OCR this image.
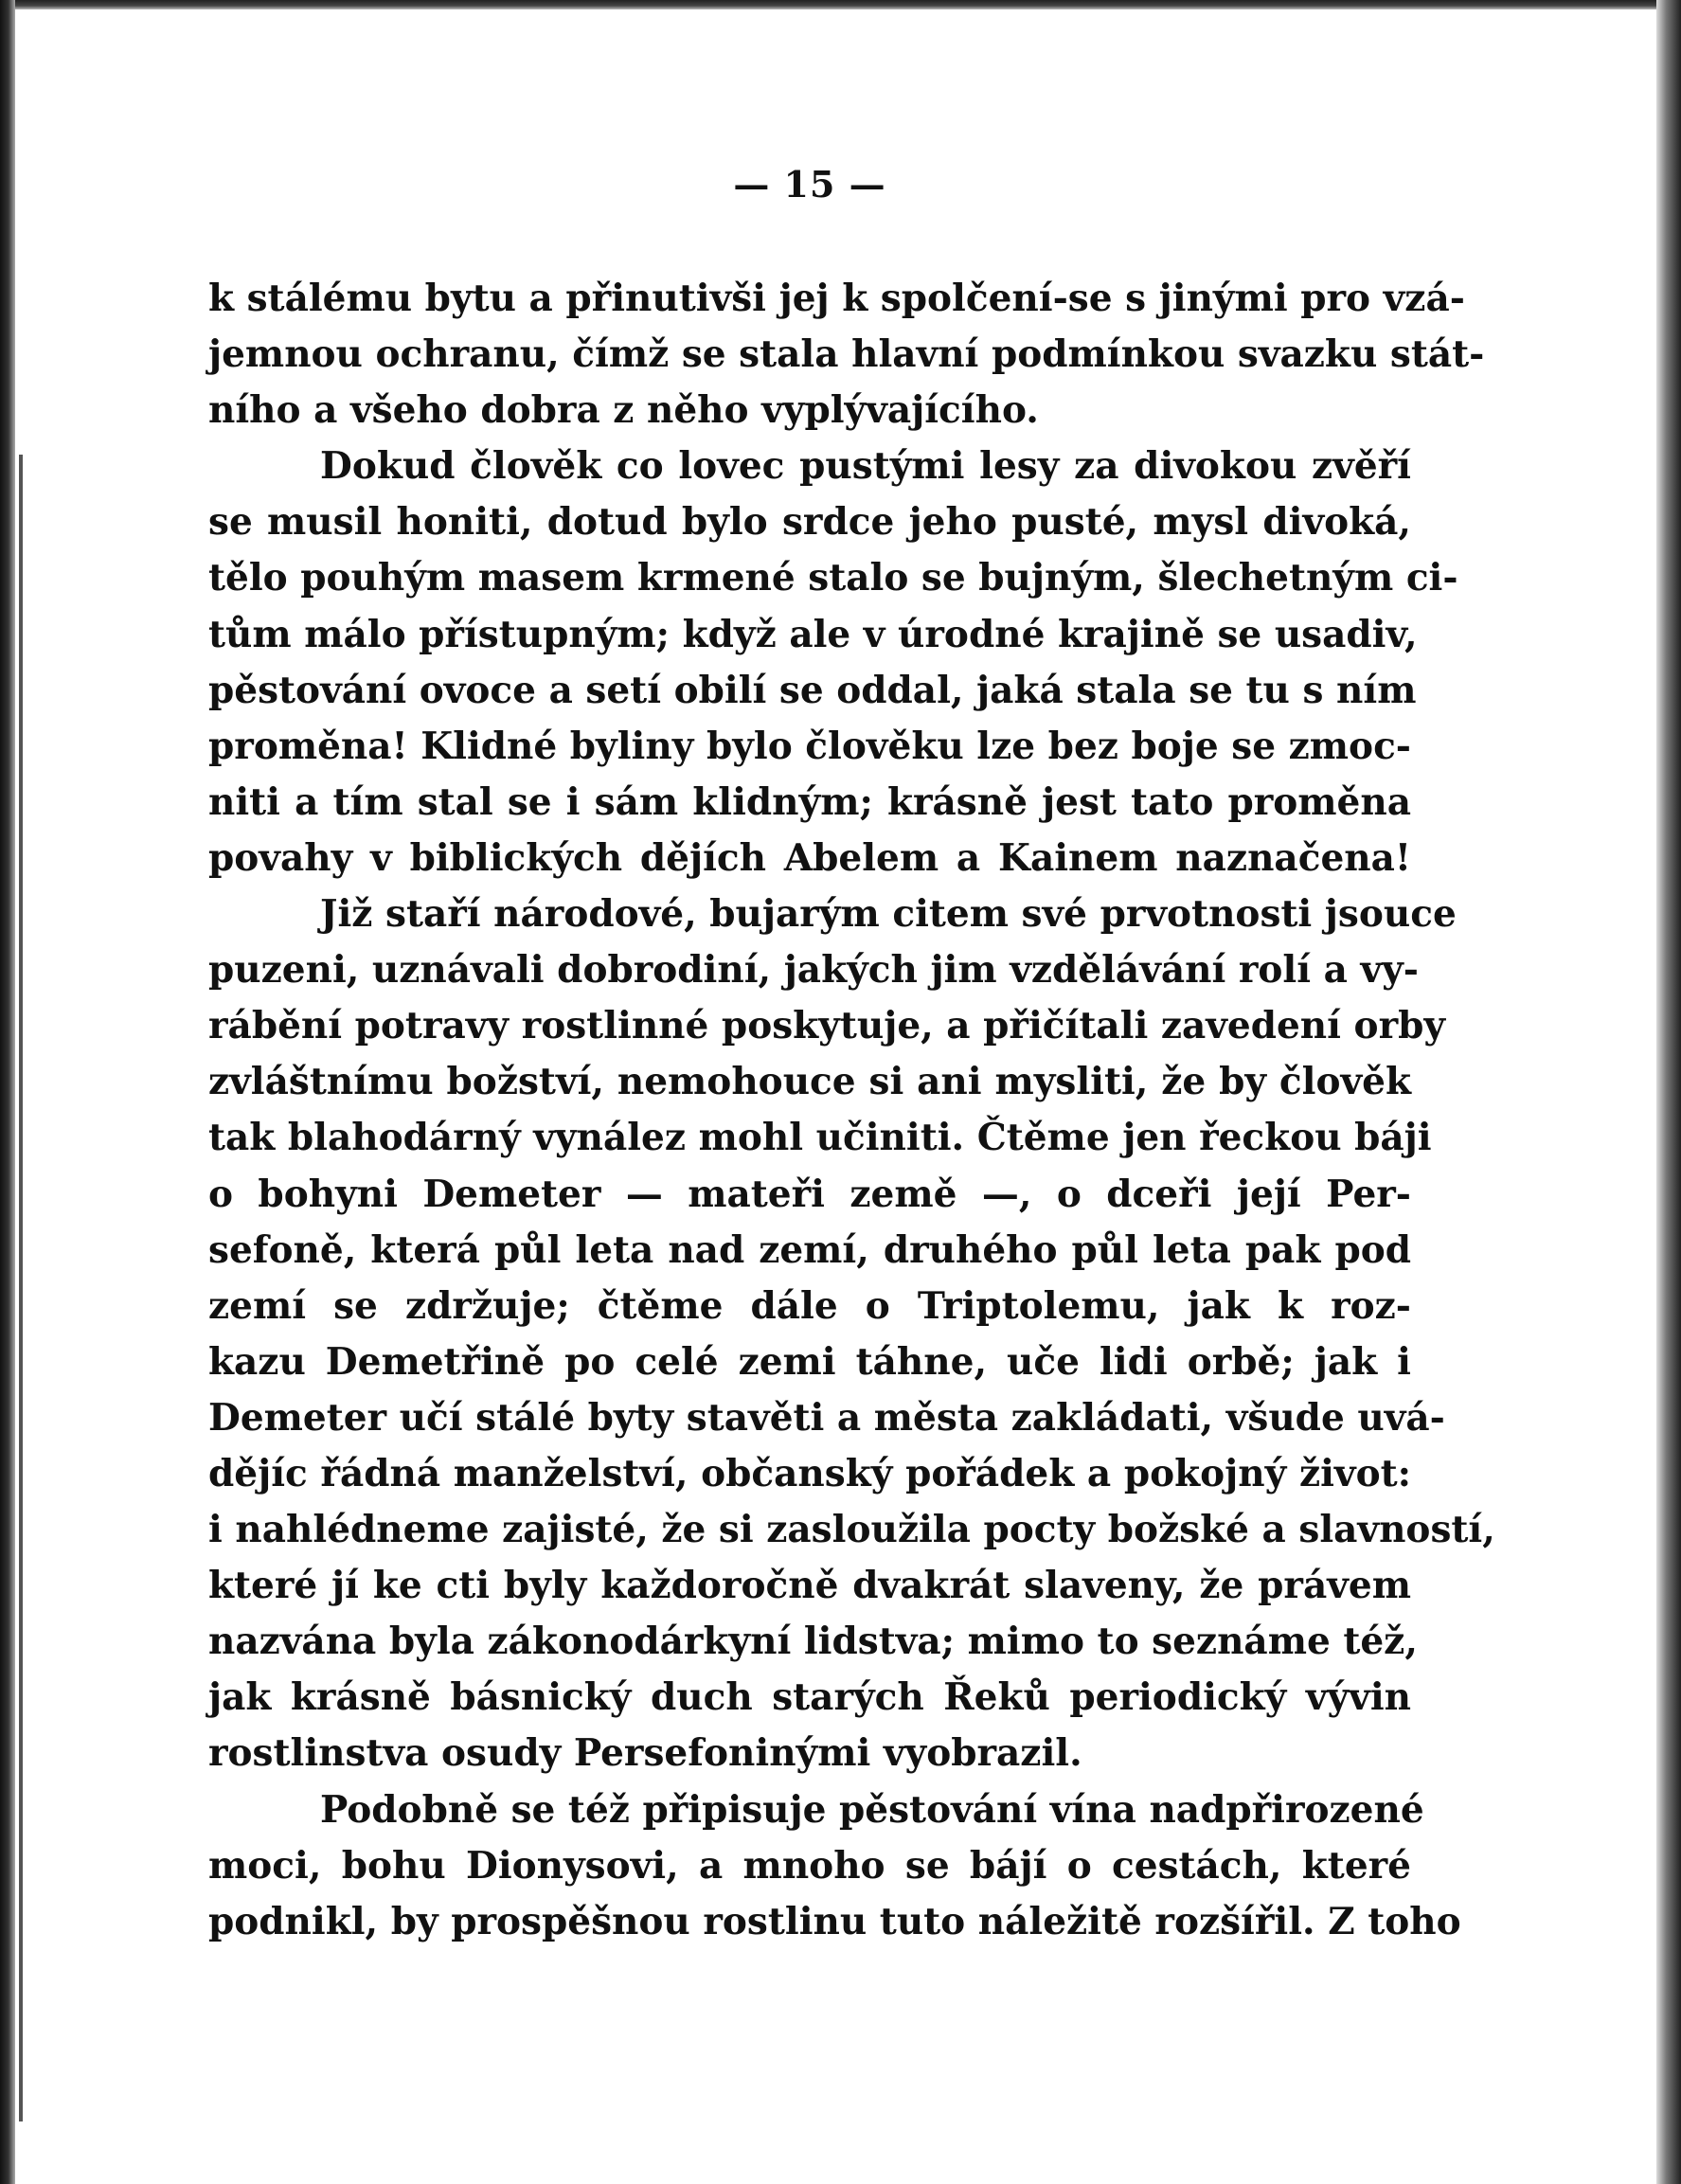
— 15 —
k stálému bytu a přinutivši jej k spolčení-se s jinými pro vzá-
jemnou ochranu, čímž se stala hlavní podmínkou svazku stát-
ního a všeho dobra z něho vyplývajícího.
Dokud člověk co lovec pustými lesy za divokou zvěří
se musil honiti, dotud bylo srdce jeho pusté, mysl divoká,
tělo pouhým masem krmené stalo se bujným, šlechetným ci-
tům málo přístupným; když ale v úrodné krajině se usadiv,
pěstování ovoce a setí obilí se oddal, jaká stala se tu s ním
proměna! Klidné byliny bylo člověku lze bez boje se zmoc-
niti a tím stal se i sám klidným; krásně jest tato proměna
povahy v biblických dějích Abelem a Kainem naznačena!
Již staří národové, bujarým citem své prvotnosti jsouce
puzeni, uznávali dobrodiní, jakých jim vzdělávání rolí a vy-
rábění potravy rostlinné poskytuje, a přičítali zavedení orby
zvláštnímu božství, nemohouce si ani mysliti, že by člověk
tak blahodárný vynález mohl učiniti. Čtěme jen řeckou báji
o bohyni Demeter — mateři země —, o dceři její Per-
sefoně, která půl leta nad zemí, druhého půl leta pak pod
zemí se zdržuje; čtěme dále o Triptolemu, jak k roz-
kazu Demetřině po celé zemi táhne, uče lidi orbě; jak i
Demeter učí stálé byty stavěti a města zakládati, všude uvá-
dějíc řádná manželství, občanský pořádek a pokojný život:
i nahlédneme zajisté, že si zasloužila pocty božské a slavností,
které jí ke cti byly každoročně dvakrát slaveny, že právem
nazvána byla zákonodárkyní lidstva; mimo to seznáme též,
jak krásně básnický duch starých Řeků periodický vývin
rostlinstva osudy Persefoninými vyobrazil.
Podobně se též připisuje pěstování vína nadpřirozené
moci, bohu Dionysovi, a mnoho se bájí o cestách, které
podnikl, by prospěšnou rostlinu tuto náležitě rozšířil. Z toho
